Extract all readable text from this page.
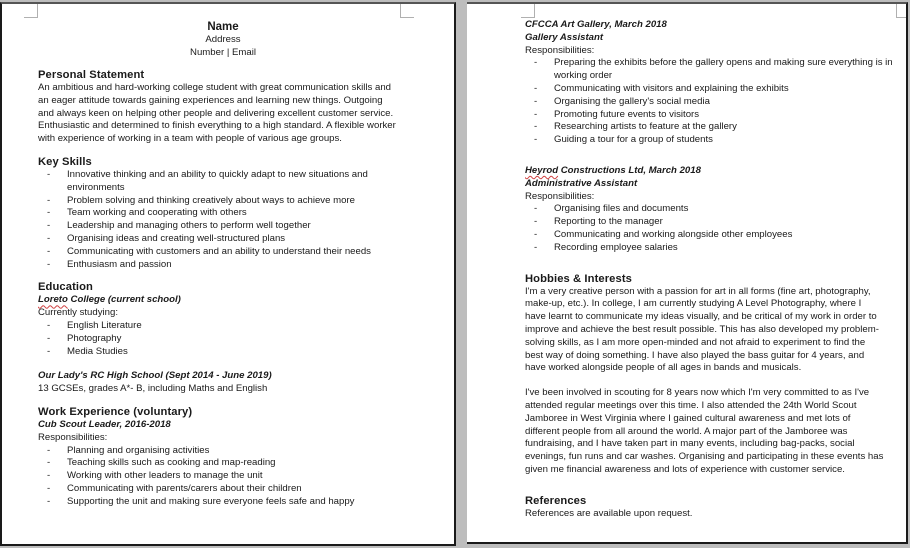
Name
Address
Number | Email
Personal Statement

An ambitious and hard-working college student with great communication skills and

an eager attitude towards gaining experiences and learning new things. Outgoing

and always keen on helping other people and delivering excellent customer service.

Enthusiastic and determined to finish everything to a high standard. A flexible worker

with experience of working in a team with people of various age groups.

Key Skills
- Innovative thinking and an ability to quickly adapt to new situations and environments
- Problem solving and thinking creatively about ways to achieve more
- Team working and cooperating with others
- Leadership and managing others to perform well together
- Organising ideas and creating well-structured plans
- Communicating with customers and an ability to understand their needs
- Enthusiasm and passion
Education
Loreto College (current school)

Currently studying:

- English Literature
- Photography
- Media Studies
Our Lady's RC High School (Sept 2014 - June 2019)

13 GCSEs, grades A*- B, including Maths and English

Work Experience (voluntary)
Cub Scout Leader, 2016-2018

Responsibilities:

- Planning and organising activities
- Teaching skills such as cooking and map-reading
- Working with other leaders to manage the unit
- Communicating with parents/carers about their children
- Supporting the unit and making sure everyone feels safe and happy
CFCCA Art Gallery, March 2018
Gallery Assistant

Responsibilities:

- Preparing the exhibits before the gallery opens and making sure everything is in working order
- Communicating with visitors and explaining the exhibits
- Organising the gallery's social media
- Promoting future events to visitors
- Researching artists to feature at the gallery
- Guiding a tour for a group of students
Heyrod Constructions Ltd, March 2018
Administrative Assistant

Responsibilities:

- Organising files and documents
- Reporting to the manager
- Communicating and working alongside other employees
- Recording employee salaries
Hobbies & Interests

I'm a very creative person with a passion for art in all forms (fine art, photography,

make-up, etc.). In college, I am currently studying A Level Photography, where I

have learnt to communicate my ideas visually, and be critical of my work in order to

improve and achieve the best result possible. This has also developed my problem-

solving skills, as I am more open-minded and not afraid to experiment to find the

best way of doing something. I have also played the bass guitar for 4 years, and

have worked alongside people of all ages in bands and musicals.

I've been involved in scouting for 8 years now which I'm very committed to as I've

attended regular meetings over this time. I also attended the 24th World Scout

Jamboree in West Virginia where I gained cultural awareness and met lots of

different people from all around the world. A major part of the Jamboree was

fundraising, and I have taken part in many events, including bag-packs, social

evenings, fun runs and car washes. Organising and participating in these events has

given me financial awareness and lots of experience with customer service.

References

References are available upon request.
